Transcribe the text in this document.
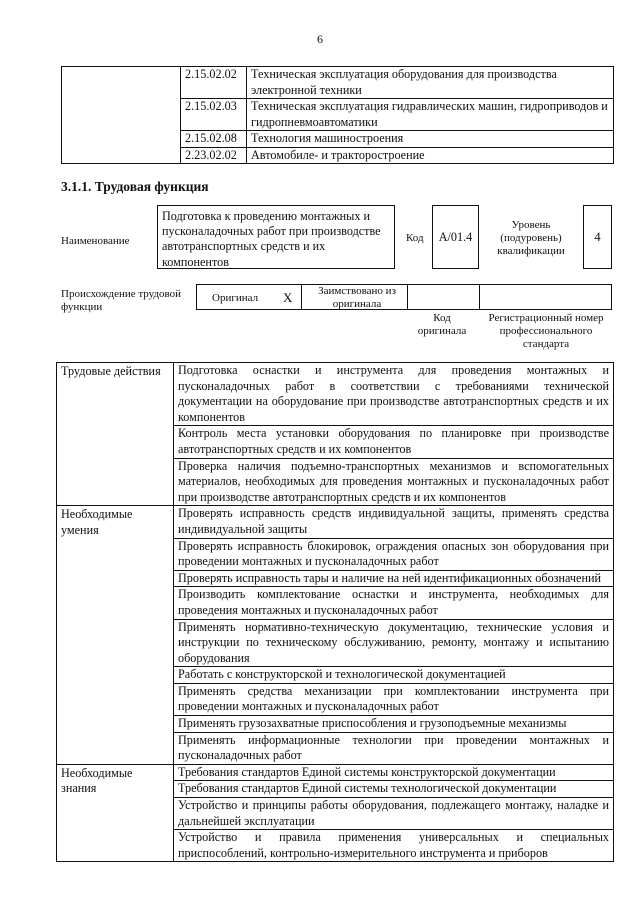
6
	2.15.02.02	Техническая эксплуатация оборудования для производства электронной техники
	2.15.02.03	Техническая эксплуатация гидравлических машин, гидроприводов и гидропневмоавтоматики
	2.15.02.08	Технология машиностроения
	2.23.02.02	Автомобиле- и тракторостроение
3.1.1. Трудовая функция
Наименование
Подготовка к проведению монтажных и пусконаладочных работ при производстве автотранспортных средств и их компонентов
Код	A/01.4
Уровень (подуровень) квалификации
4
Происхождение трудовой функции
Оригинал X	Заимствовано из оригинала
Код оригинала
Регистрационный номер профессионального стандарта
Трудовые действия	Подготовка оснастки и инструмента для проведения монтажных и пусконаладочных работ в соответствии с требованиями технической документации на оборудование при производстве автотранспортных средств и их компонентов
	Контроль места установки оборудования по планировке при производстве автотранспортных средств и их компонентов
	Проверка наличия подъемно-транспортных механизмов и вспомогательных материалов, необходимых для проведения монтажных и пусконаладочных работ при производстве автотранспортных средств и их компонентов
Необходимые умения	Проверять исправность средств индивидуальной защиты, применять средства индивидуальной защиты
	Проверять исправность блокировок, ограждения опасных зон оборудования при проведении монтажных и пусконаладочных работ
	Проверять исправность тары и наличие на ней идентификационных обозначений
	Производить комплектование оснастки и инструмента, необходимых для проведения монтажных и пусконаладочных работ
	Применять нормативно-техническую документацию, технические условия и инструкции по техническому обслуживанию, ремонту, монтажу и испытанию оборудования
	Работать с конструкторской и технологической документацией
	Применять средства механизации при комплектовании инструмента при проведении монтажных и пусконаладочных работ
	Применять грузозахватные приспособления и грузоподъемные механизмы
	Применять информационные технологии при проведении монтажных и пусконаладочных работ
Необходимые знания	Требования стандартов Единой системы конструкторской документации
	Требования стандартов Единой системы технологической документации
	Устройство и принципы работы оборудования, подлежащего монтажу, наладке и дальнейшей эксплуатации
	Устройство и правила применения универсальных и специальных приспособлений, контрольно-измерительного инструмента и приборов
